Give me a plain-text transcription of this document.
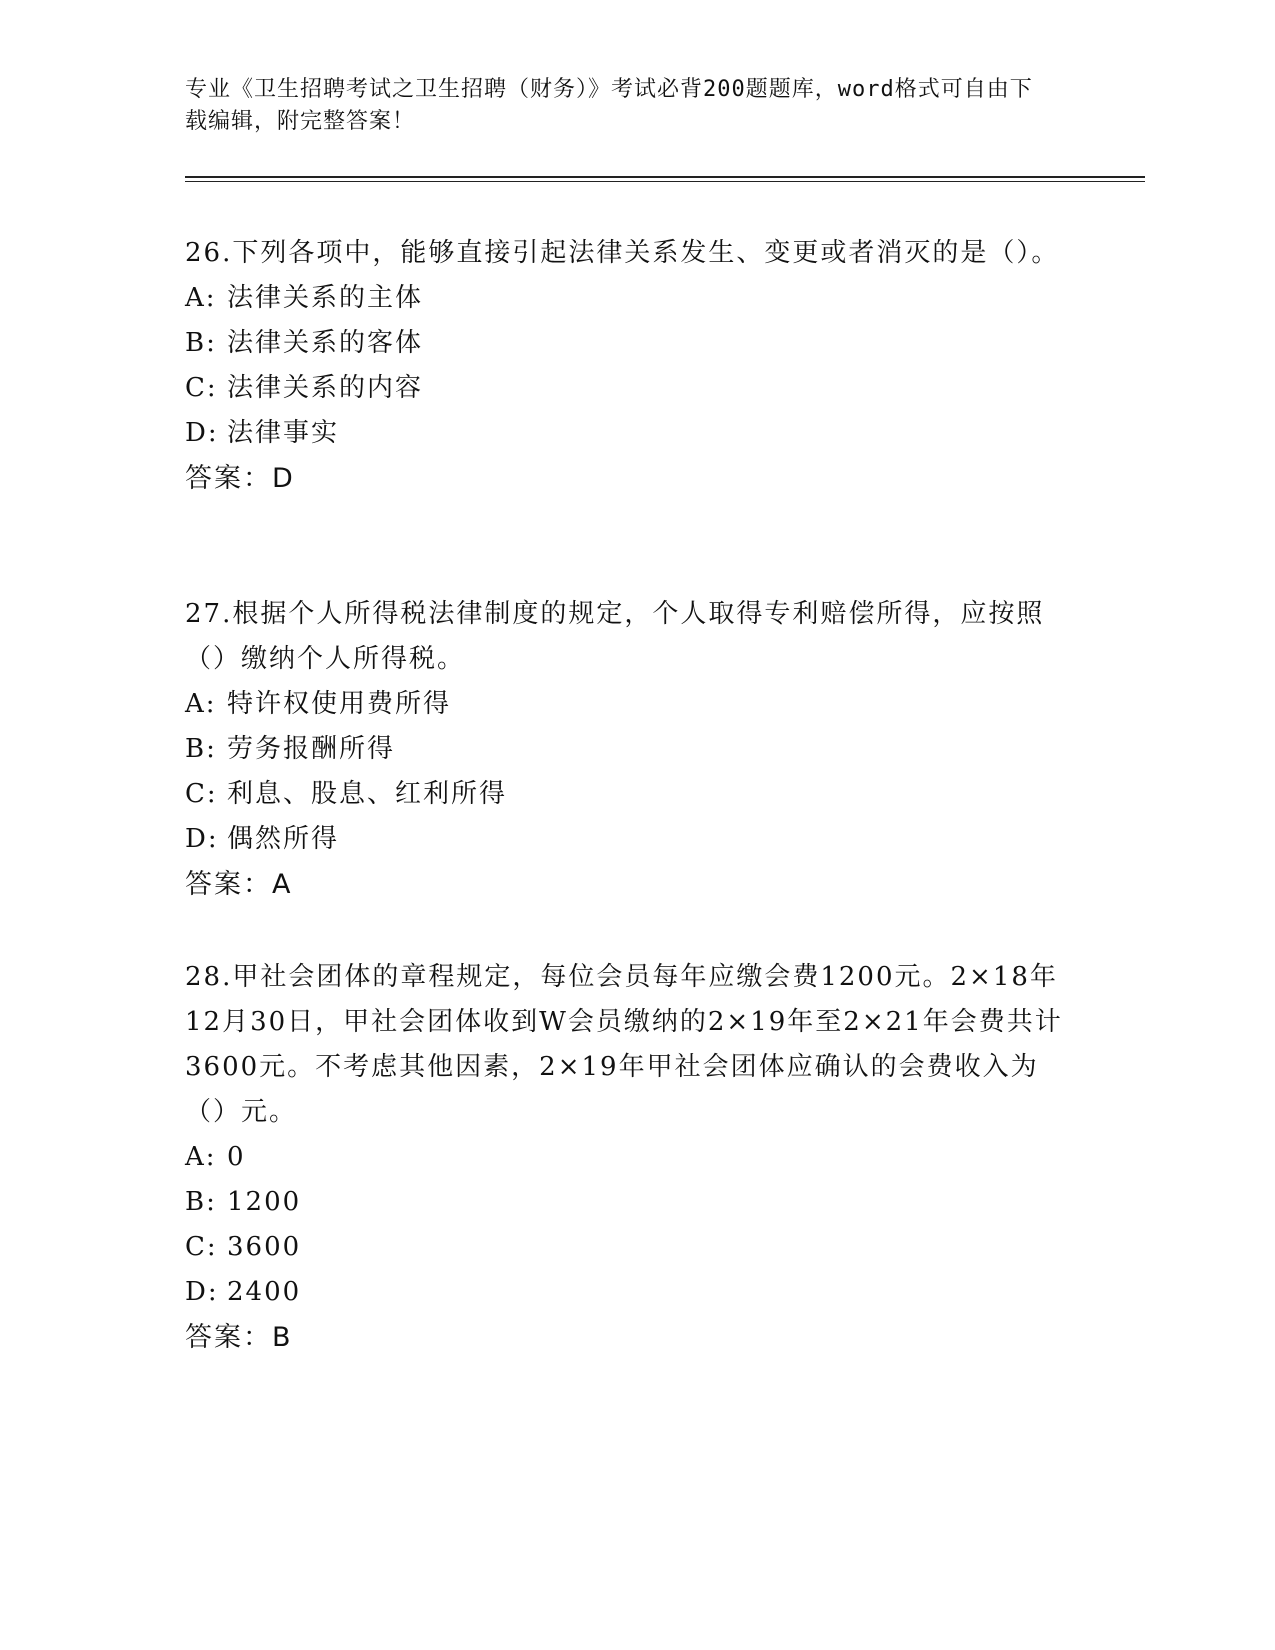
专业《卫生招聘考试之卫生招聘（财务）》考试必背200题题库，word格式可自由下载编辑，附完整答案！

26.下列各项中，能够直接引起法律关系发生、变更或者消灭的是（）。

A: 法律关系的主体

B: 法律关系的客体

C: 法律关系的内容

D: 法律事实

答案：D

27.根据个人所得税法律制度的规定，个人取得专利赔偿所得，应按照（）缴纳个人所得税。

A: 特许权使用费所得

B: 劳务报酬所得

C: 利息、股息、红利所得

D: 偶然所得

答案：A

28.甲社会团体的章程规定，每位会员每年应缴会费1200元。2×18年12月30日，甲社会团体收到W会员缴纳的2×19年至2×21年会费共计3600元。不考虑其他因素，2×19年甲社会团体应确认的会费收入为（）元。

A: 0

B: 1200

C: 3600

D: 2400

答案：B
